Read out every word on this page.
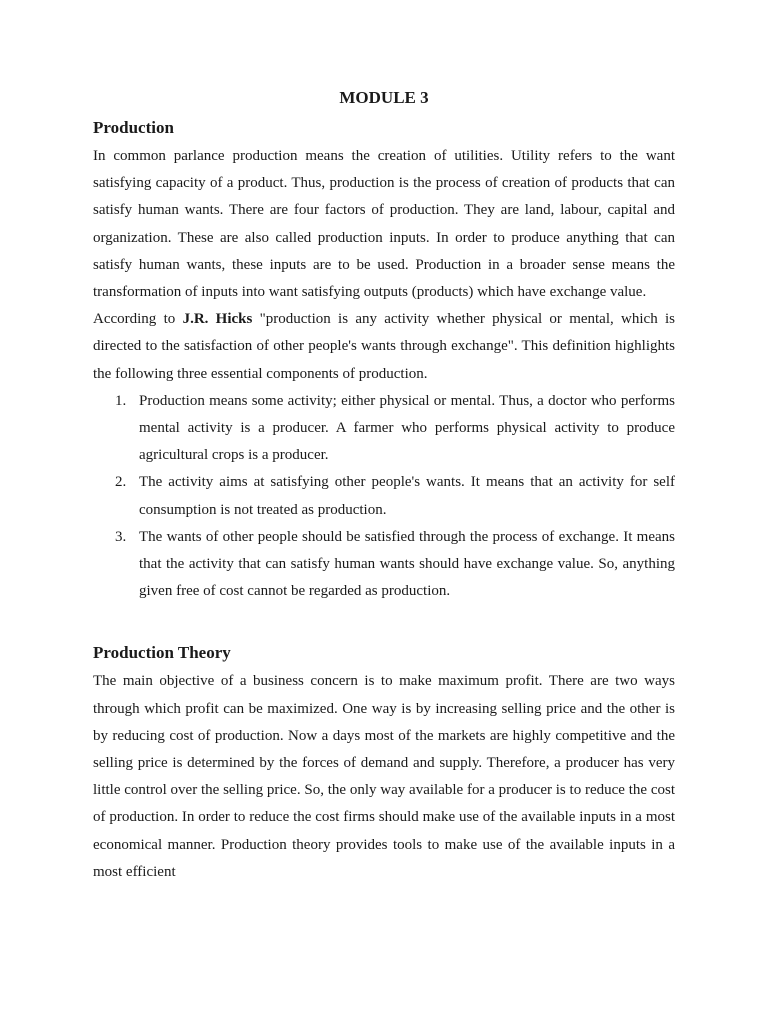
MODULE 3
Production

In common parlance production means the creation of utilities. Utility refers to the want satisfying capacity of a product. Thus, production is the process of creation of products that can satisfy human wants. There are four factors of production. They are land, labour, capital and organization. These are also called production inputs. In order to produce anything that can satisfy human wants, these inputs are to be used. Production in a broader sense means the transformation of inputs into want satisfying outputs (products) which have exchange value.

According to J.R. Hicks "production is any activity whether physical or mental, which is directed to the satisfaction of other people's wants through exchange". This definition highlights the following three essential components of production.

1. Production means some activity; either physical or mental. Thus, a doctor who performs mental activity is a producer. A farmer who performs physical activity to produce agricultural crops is a producer.
2. The activity aims at satisfying other people's wants. It means that an activity for self consumption is not treated as production.
3. The wants of other people should be satisfied through the process of exchange. It means that the activity that can satisfy human wants should have exchange value. So, anything given free of cost cannot be regarded as production.
Production Theory

The main objective of a business concern is to make maximum profit. There are two ways through which profit can be maximized. One way is by increasing selling price and the other is by reducing cost of production. Now a days most of the markets are highly competitive and the selling price is determined by the forces of demand and supply. Therefore, a producer has very little control over the selling price. So, the only way available for a producer is to reduce the cost of production. In order to reduce the cost firms should make use of the available inputs in a most economical manner. Production theory provides tools to make use of the available inputs in a most efficient
